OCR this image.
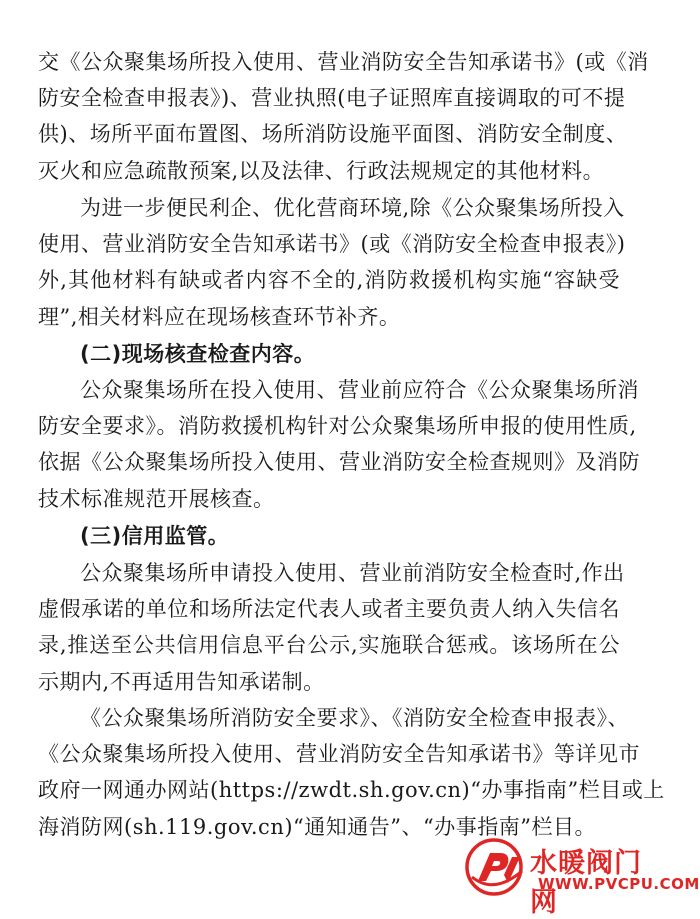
交《公众聚集场所投入使用、营业消防安全告知承诺书》(或《消
防安全检查申报表》)、营业执照(电子证照库直接调取的可不提
供)、场所平面布置图、场所消防设施平面图、消防安全制度、
灭火和应急疏散预案,以及法律、行政法规规定的其他材料。
为进一步便民利企、优化营商环境,除《公众聚集场所投入
使用、营业消防安全告知承诺书》(或《消防安全检查申报表》)
外,其他材料有缺或者内容不全的,消防救援机构实施“容缺受
理”,相关材料应在现场核查环节补齐。
(二)现场核查检查内容。
公众聚集场所在投入使用、营业前应符合《公众聚集场所消
防安全要求》。消防救援机构针对公众聚集场所申报的使用性质,
依据《公众聚集场所投入使用、营业消防安全检查规则》及消防
技术标准规范开展核查。
(三)信用监管。
公众聚集场所申请投入使用、营业前消防安全检查时,作出
虚假承诺的单位和场所法定代表人或者主要负责人纳入失信名
录,推送至公共信用信息平台公示,实施联合惩戒。该场所在公
示期内,不再适用告知承诺制。
《公众聚集场所消防安全要求》、《消防安全检查申报表》、
《公众聚集场所投入使用、营业消防安全告知承诺书》等详见市
政府一网通办网站(https://zwdt.sh.gov.cn)“办事指南”栏目或上
海消防网(sh.119.gov.cn)“通知通告”、“办事指南”栏目。
水暖阀门网
WWW.PVCPU.COM
